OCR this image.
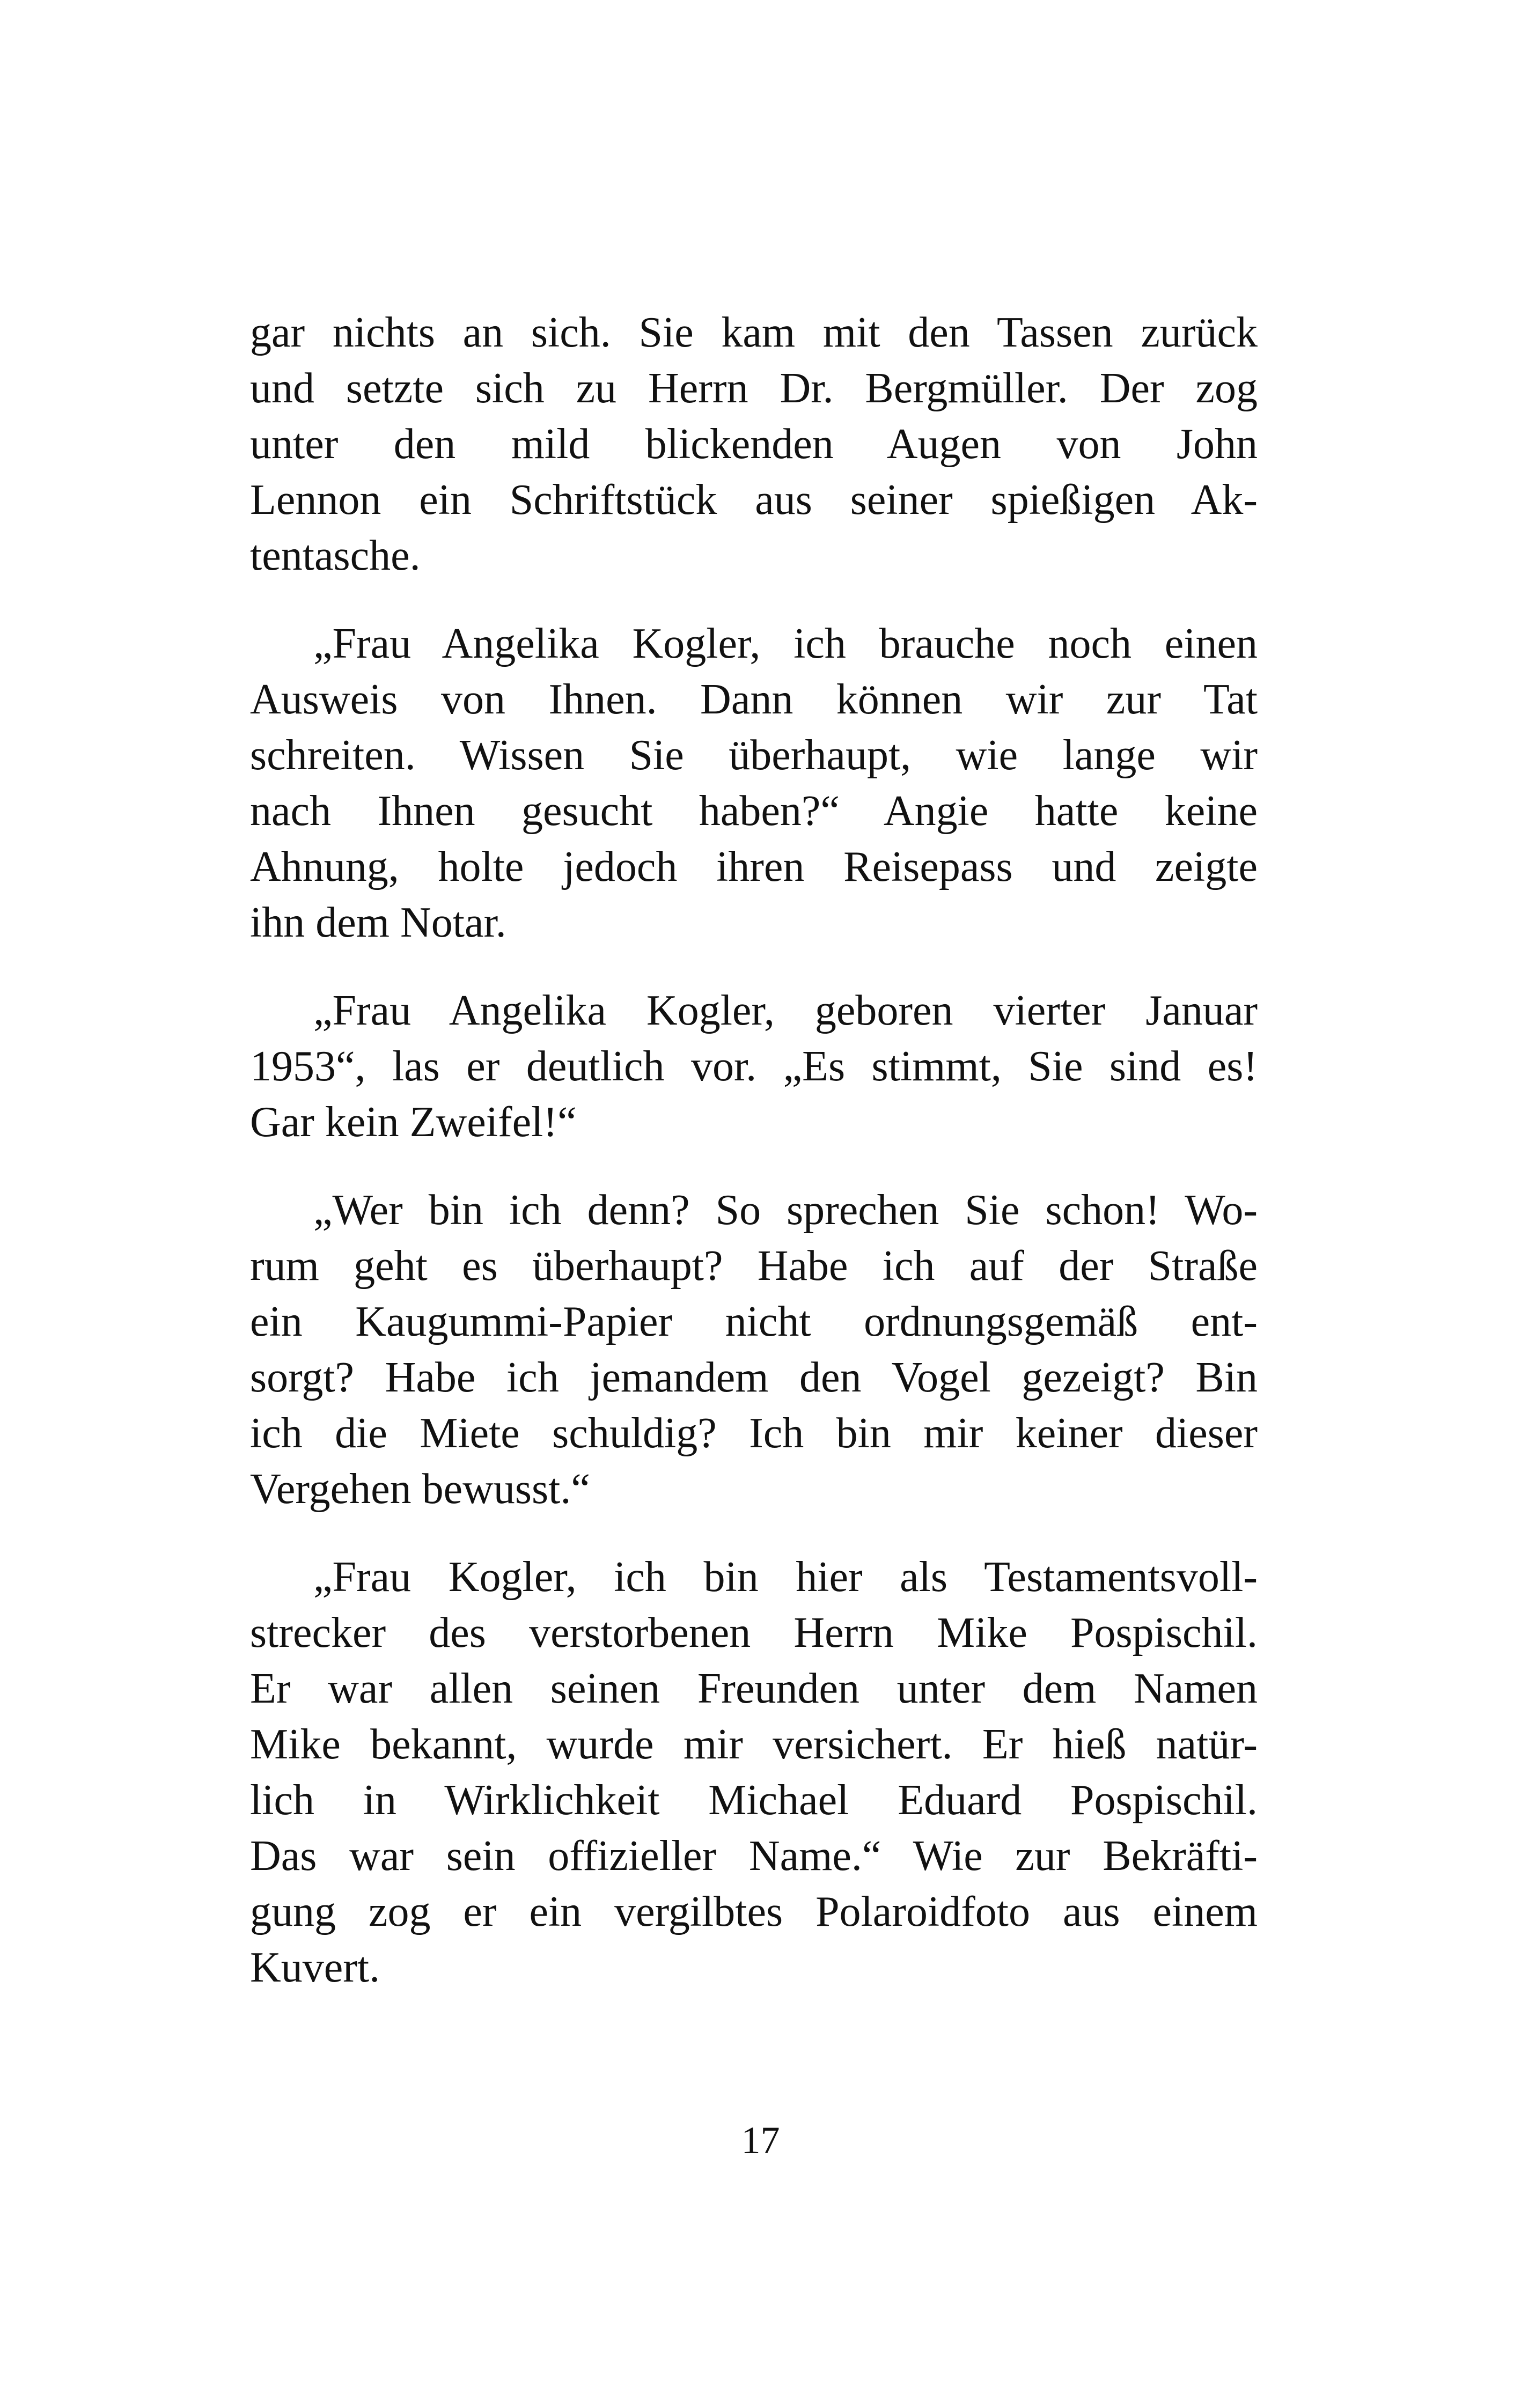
gar nichts an sich. Sie kam mit den Tassen zurück
und setzte sich zu Herrn Dr. Bergmüller. Der zog
unter den mild blickenden Augen von John
Lennon ein Schriftstück aus seiner spießigen Ak-
tentasche.

„Frau Angelika Kogler, ich brauche noch einen
Ausweis von Ihnen. Dann können wir zur Tat
schreiten. Wissen Sie überhaupt, wie lange wir
nach Ihnen gesucht haben?“ Angie hatte keine
Ahnung, holte jedoch ihren Reisepass und zeigte
ihn dem Notar.

„Frau Angelika Kogler, geboren vierter Januar
1953“, las er deutlich vor. „Es stimmt, Sie sind es!
Gar kein Zweifel!“

„Wer bin ich denn? So sprechen Sie schon! Wo-
rum geht es überhaupt? Habe ich auf der Straße
ein Kaugummi-Papier nicht ordnungsgemäß ent-
sorgt? Habe ich jemandem den Vogel gezeigt? Bin
ich die Miete schuldig? Ich bin mir keiner dieser
Vergehen bewusst.“

„Frau Kogler, ich bin hier als Testamentsvoll-
strecker des verstorbenen Herrn Mike Pospischil.
Er war allen seinen Freunden unter dem Namen
Mike bekannt, wurde mir versichert. Er hieß natür-
lich in Wirklichkeit Michael Eduard Pospischil.
Das war sein offizieller Name.“ Wie zur Bekräfti-
gung zog er ein vergilbtes Polaroidfoto aus einem
Kuvert.

17
